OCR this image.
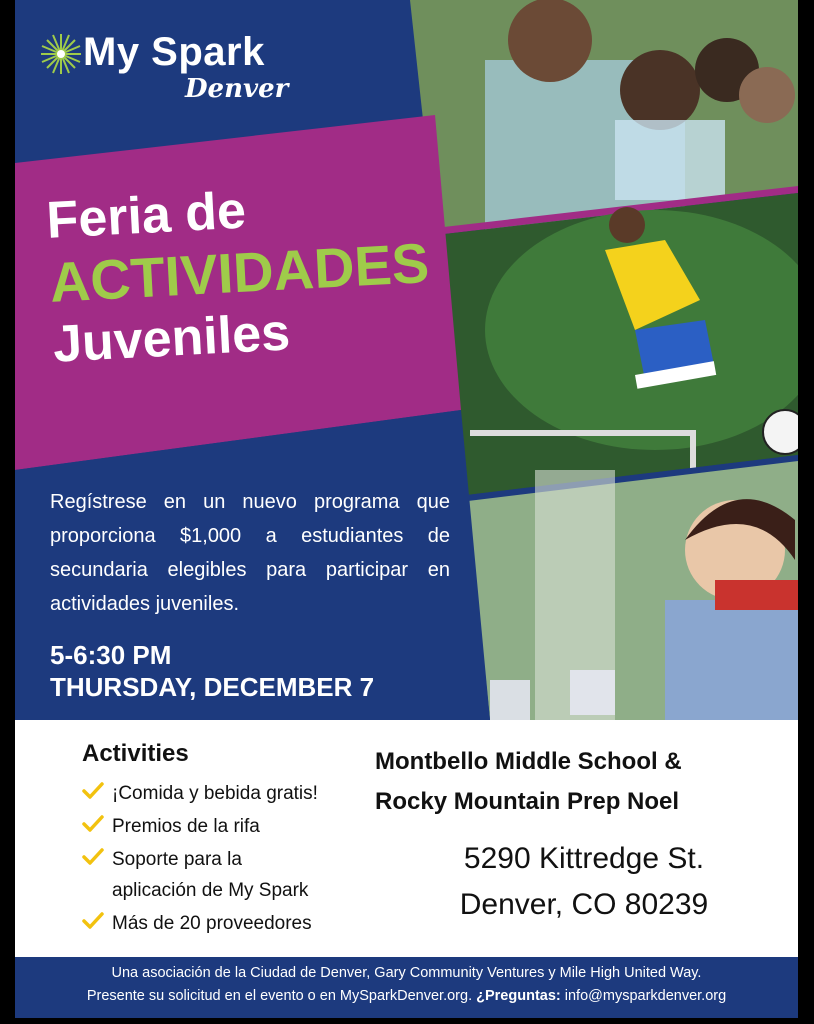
My Spark
Denver
Feria de
ACTIVIDADES
Juveniles
Regístrese en un nuevo programa que proporciona $1,000 a estudiantes de secundaria elegibles para participar en actividades juveniles.
5-6:30 PM
THURSDAY, DECEMBER 7
Activities
¡Comida y bebida gratis!
Premios de la rifa
Soporte para la
aplicación de My Spark
Más de 20 proveedores
Montbello Middle School &
Rocky Mountain Prep Noel
5290 Kittredge St.
Denver, CO 80239
Una asociación de la Ciudad de Denver, Gary Community Ventures y Mile High United Way.
Presente su solicitud en el evento o en MySparkDenver.org. ¿Preguntas: info@mysparkdenver.org
